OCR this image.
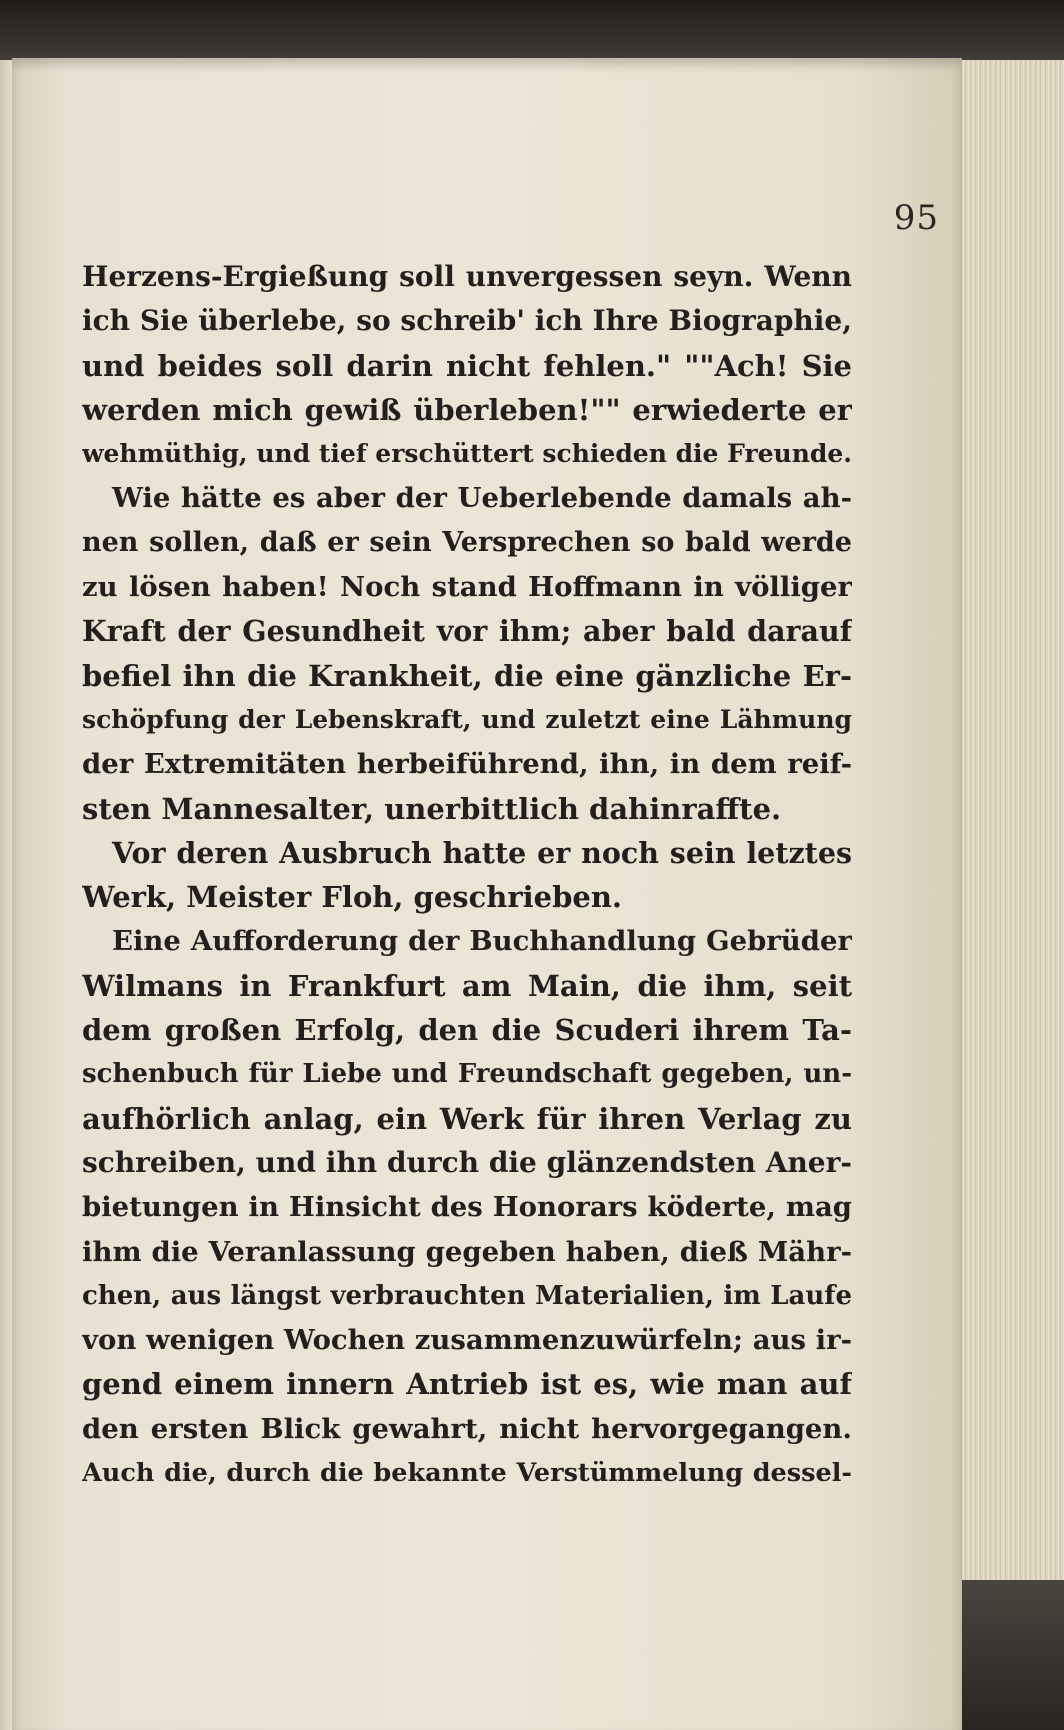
95
Herzens-Ergießung soll unvergessen seyn. Wenn
ich Sie überlebe, so schreib' ich Ihre Biographie,
und beides soll darin nicht fehlen." ""Ach! Sie
werden mich gewiß überleben!"" erwiederte er
wehmüthig, und tief erschüttert schieden die Freunde.
Wie hätte es aber der Ueberlebende damals ah-
nen sollen, daß er sein Versprechen so bald werde
zu lösen haben! Noch stand Hoffmann in völliger
Kraft der Gesundheit vor ihm; aber bald darauf
befiel ihn die Krankheit, die eine gänzliche Er-
schöpfung der Lebenskraft, und zuletzt eine Lähmung
der Extremitäten herbeiführend, ihn, in dem reif-
sten Mannesalter, unerbittlich dahinraffte.
Vor deren Ausbruch hatte er noch sein letztes
Werk, Meister Floh, geschrieben.
Eine Aufforderung der Buchhandlung Gebrüder
Wilmans in Frankfurt am Main, die ihm, seit
dem großen Erfolg, den die Scuderi ihrem Ta-
schenbuch für Liebe und Freundschaft gegeben, un-
aufhörlich anlag, ein Werk für ihren Verlag zu
schreiben, und ihn durch die glänzendsten Aner-
bietungen in Hinsicht des Honorars köderte, mag
ihm die Veranlassung gegeben haben, dieß Mähr-
chen, aus längst verbrauchten Materialien, im Laufe
von wenigen Wochen zusammenzuwürfeln; aus ir-
gend einem innern Antrieb ist es, wie man auf
den ersten Blick gewahrt, nicht hervorgegangen.
Auch die, durch die bekannte Verstümmelung dessel-
